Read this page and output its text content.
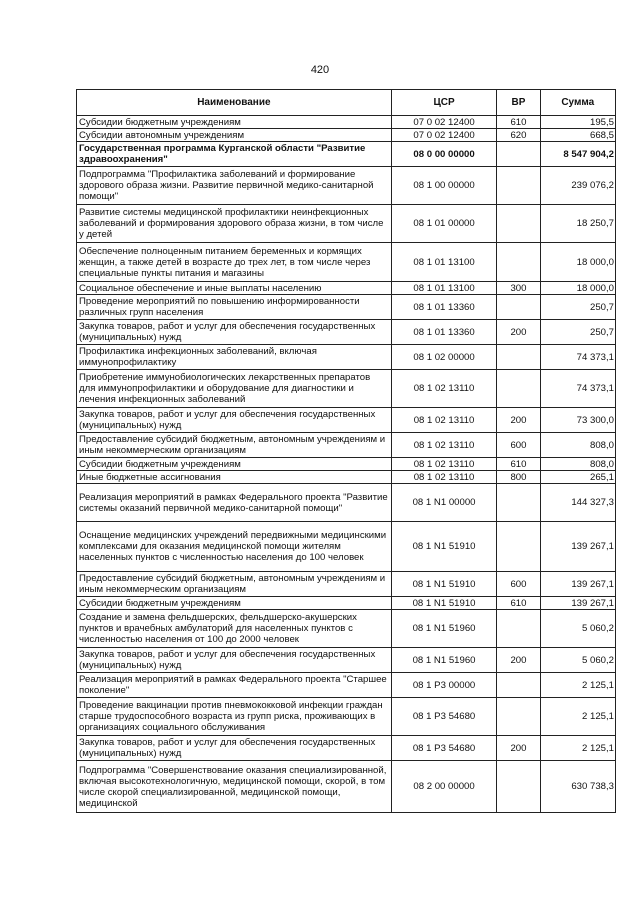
420
Наименование	ЦСР	ВР	Сумма
Субсидии бюджетным учреждениям	07 0 02 12400	610	195,5
Субсидии автономным учреждениям	07 0 02 12400	620	668,5
Государственная программа Курганской области "Развитие здравоохранения"	08 0 00 00000		8 547 904,2
Подпрограмма "Профилактика заболеваний и формирование здорового образа жизни. Развитие первичной медико-санитарной помощи"	08 1 00 00000		239 076,2
Развитие системы медицинской профилактики неинфекционных заболеваний и формирования здорового образа жизни, в том числе у детей	08 1 01 00000		18 250,7
Обеспечение полноценным питанием беременных и кормящих женщин, а также детей в возрасте до трех лет, в том числе через специальные пункты питания и магазины	08 1 01 13100		18 000,0
Социальное обеспечение и иные выплаты населению	08 1 01 13100	300	18 000,0
Проведение мероприятий по повышению информированности различных групп населения	08 1 01 13360		250,7
Закупка товаров, работ и услуг для обеспечения государственных (муниципальных) нужд	08 1 01 13360	200	250,7
Профилактика инфекционных заболеваний, включая иммунопрофилактику	08 1 02 00000		74 373,1
Приобретение иммунобиологических лекарственных препаратов для иммунопрофилактики и оборудование для диагностики и лечения инфекционных заболеваний	08 1 02 13110		74 373,1
Закупка товаров, работ и услуг для обеспечения государственных (муниципальных) нужд	08 1 02 13110	200	73 300,0
Предоставление субсидий бюджетным, автономным учреждениям и иным некоммерческим организациям	08 1 02 13110	600	808,0
Субсидии бюджетным учреждениям	08 1 02 13110	610	808,0
Иные бюджетные ассигнования	08 1 02 13110	800	265,1
Реализация мероприятий в рамках Федерального проекта "Развитие системы оказаний первичной медико-санитарной помощи"	08 1 N1 00000		144 327,3
Оснащение медицинских учреждений передвижными медицинскими комплексами для оказания медицинской помощи жителям населенных пунктов с численностью населения до 100 человек	08 1 N1 51910		139 267,1
Предоставление субсидий бюджетным, автономным учреждениям и иным некоммерческим организациям	08 1 N1 51910	600	139 267,1
Субсидии бюджетным учреждениям	08 1 N1 51910	610	139 267,1
Создание и замена фельдшерских, фельдшерско-акушерских пунктов и врачебных амбулаторий для населенных пунктов с численностью населения от 100 до 2000 человек	08 1 N1 51960		5 060,2
Закупка товаров, работ и услуг для обеспечения государственных (муниципальных) нужд	08 1 N1 51960	200	5 060,2
Реализация мероприятий в рамках Федерального проекта "Старшее поколение"	08 1 P3 00000		2 125,1
Проведение вакцинации против пневмококковой инфекции граждан старше трудоспособного возраста из групп риска, проживающих в организациях социального обслуживания	08 1 P3 54680		2 125,1
Закупка товаров, работ и услуг для обеспечения государственных (муниципальных) нужд	08 1 P3 54680	200	2 125,1
Подпрограмма "Совершенствование оказания специализированной, включая высокотехнологичную, медицинской помощи, скорой, в том числе скорой специализированной, медицинской помощи, медицинской	08 2 00 00000		630 738,3
